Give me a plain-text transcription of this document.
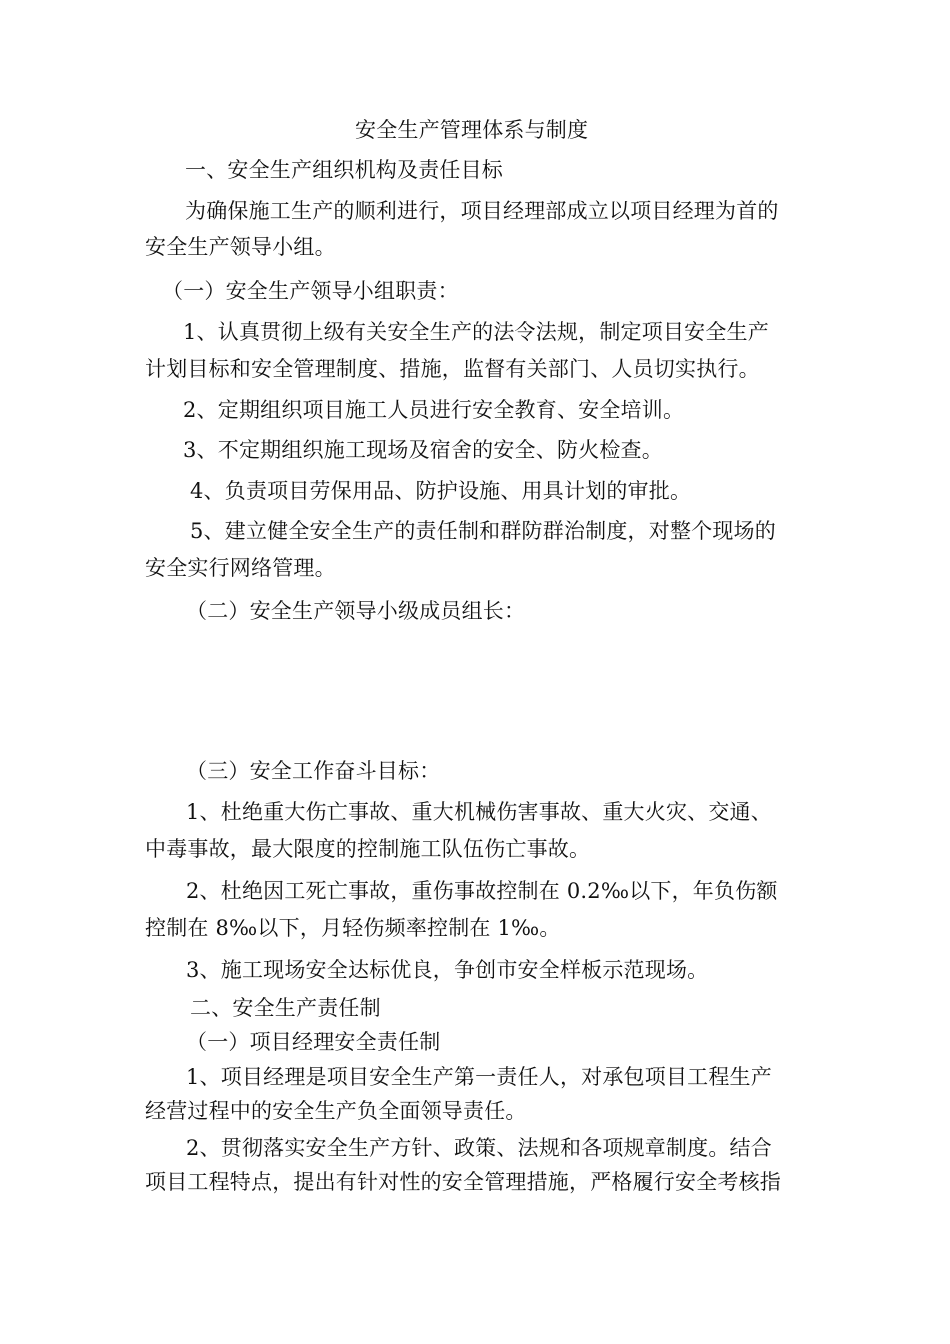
安全生产管理体系与制度
一、安全生产组织机构及责任目标
为确保施工生产的顺利进行，项目经理部成立以项目经理为首的
安全生产领导小组。
（一）安全生产领导小组职责：
1、认真贯彻上级有关安全生产的法令法规，制定项目安全生产
计划目标和安全管理制度、措施，监督有关部门、人员切实执行。
2、定期组织项目施工人员进行安全教育、安全培训。
3、不定期组织施工现场及宿舍的安全、防火检查。
4、负责项目劳保用品、防护设施、用具计划的审批。
5、建立健全安全生产的责任制和群防群治制度，对整个现场的
安全实行网络管理。
（二）安全生产领导小级成员组长：
（三）安全工作奋斗目标：
1、杜绝重大伤亡事故、重大机械伤害事故、重大火灾、交通、
中毒事故，最大限度的控制施工队伍伤亡事故。
2、杜绝因工死亡事故，重伤事故控制在 0.2‰以下，年负伤额
控制在 8‰以下，月轻伤频率控制在 1‰。
3、施工现场安全达标优良，争创市安全样板示范现场。
二、安全生产责任制
（一）项目经理安全责任制
1、项目经理是项目安全生产第一责任人，对承包项目工程生产
经营过程中的安全生产负全面领导责任。
2、贯彻落实安全生产方针、政策、法规和各项规章制度。结合
项目工程特点，提出有针对性的安全管理措施，严格履行安全考核指
